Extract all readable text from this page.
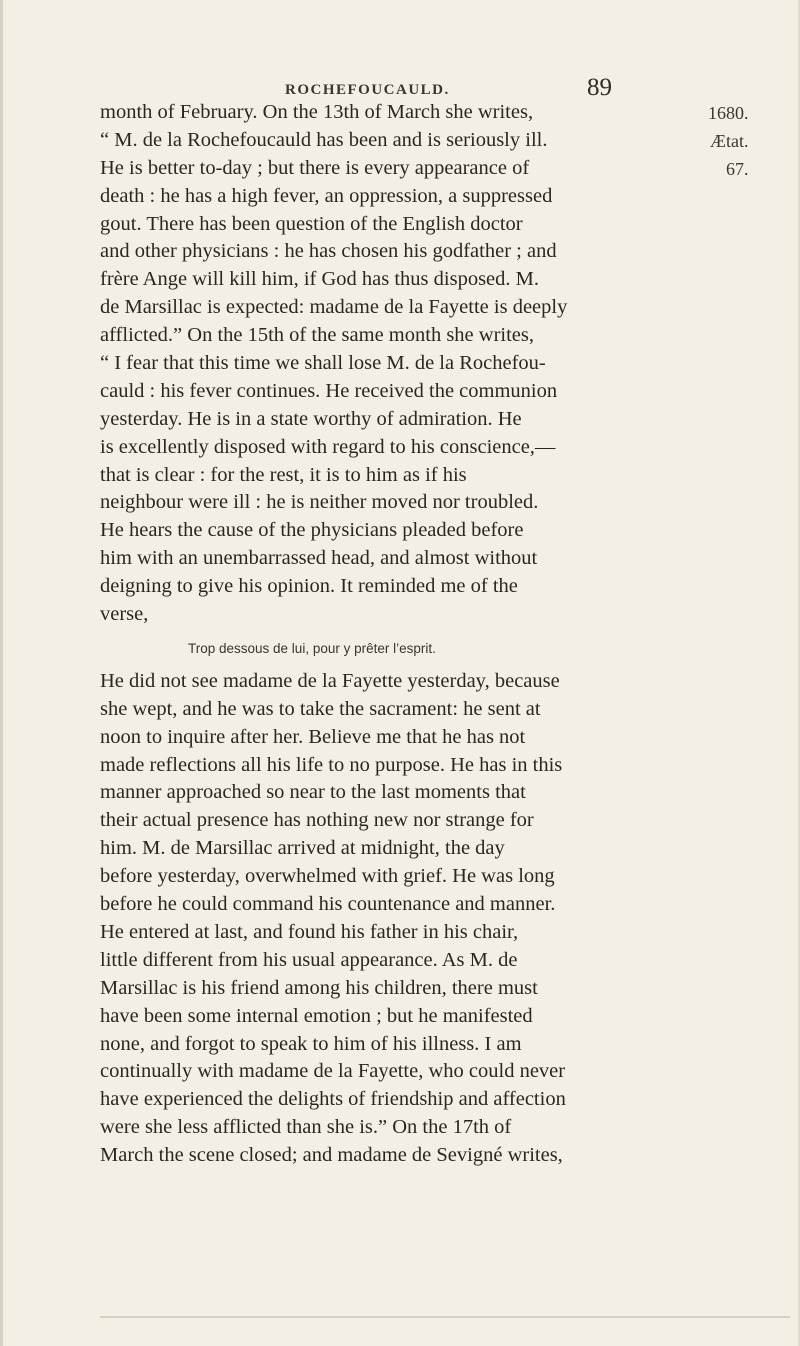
ROCHEFOUCAULD.	89
1680.
Ætat.
67.
month of February. On the 13th of March she writes,
“ M. de la Rochefoucauld has been and is seriously ill.
He is better to-day ; but there is every appearance of
death : he has a high fever, an oppression, a suppressed
gout. There has been question of the English doctor
and other physicians : he has chosen his godfather ; and
frère Ange will kill him, if God has thus disposed. M.
de Marsillac is expected: madame de la Fayette is deeply
afflicted.” On the 15th of the same month she writes,
“ I fear that this time we shall lose M. de la Rochefou-
cauld : his fever continues. He received the communion
yesterday. He is in a state worthy of admiration. He
is excellently disposed with regard to his conscience,—
that is clear : for the rest, it is to him as if his
neighbour were ill : he is neither moved nor troubled.
He hears the cause of the physicians pleaded before
him with an unembarrassed head, and almost without
deigning to give his opinion. It reminded me of the
verse,
Trop dessous de lui, pour y prêter l’esprit.
He did not see madame de la Fayette yesterday, because
she wept, and he was to take the sacrament: he sent at
noon to inquire after her. Believe me that he has not
made reflections all his life to no purpose. He has in this
manner approached so near to the last moments that
their actual presence has nothing new nor strange for
him. M. de Marsillac arrived at midnight, the day
before yesterday, overwhelmed with grief. He was long
before he could command his countenance and manner.
He entered at last, and found his father in his chair,
little different from his usual appearance. As M. de
Marsillac is his friend among his children, there must
have been some internal emotion ; but he manifested
none, and forgot to speak to him of his illness. I am
continually with madame de la Fayette, who could never
have experienced the delights of friendship and affection
were she less afflicted than she is.” On the 17th of
March the scene closed; and madame de Sevigné writes,
